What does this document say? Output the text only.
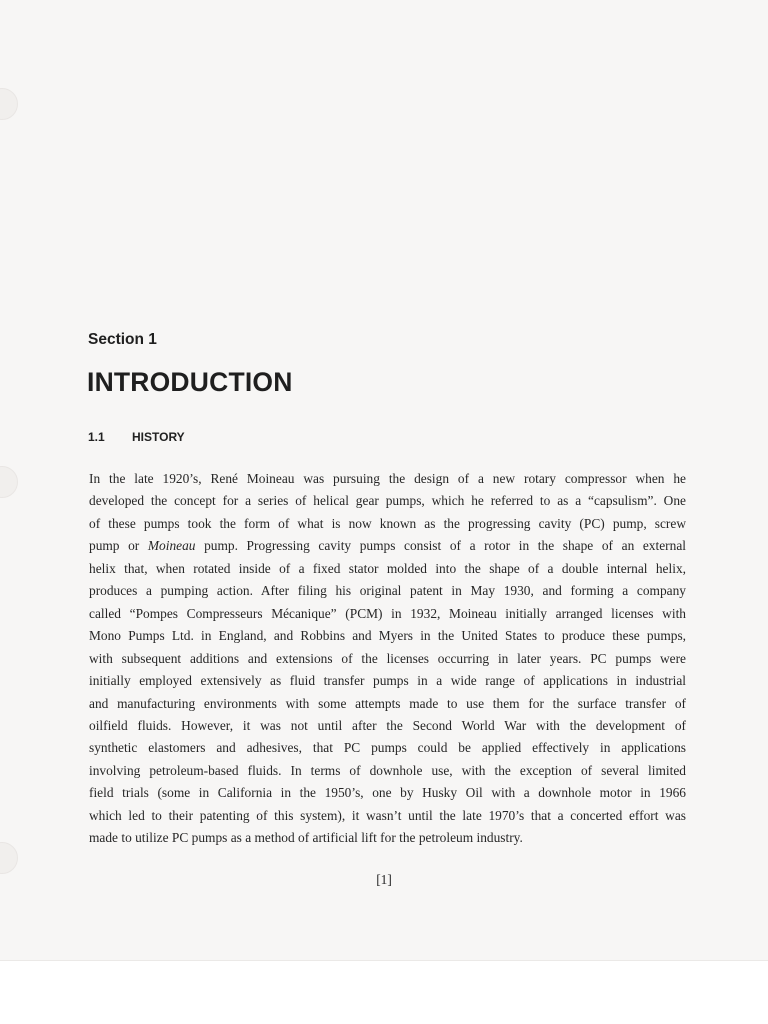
Section 1
INTRODUCTION
1.1 HISTORY

In the late 1920’s, René Moineau was pursuing the design of a new rotary compressor when he
developed the concept for a series of helical gear pumps, which he referred to as a “capsulism”. One
of these pumps took the form of what is now known as the progressing cavity (PC) pump, screw
pump or Moineau pump. Progressing cavity pumps consist of a rotor in the shape of an external
helix that, when rotated inside of a fixed stator molded into the shape of a double internal helix,
produces a pumping action. After filing his original patent in May 1930, and forming a company
called “Pompes Compresseurs Mécanique” (PCM) in 1932, Moineau initially arranged licenses with
Mono Pumps Ltd. in England, and Robbins and Myers in the United States to produce these pumps,
with subsequent additions and extensions of the licenses occurring in later years. PC pumps were
initially employed extensively as fluid transfer pumps in a wide range of applications in industrial
and manufacturing environments with some attempts made to use them for the surface transfer of
oilfield fluids. However, it was not until after the Second World War with the development of
synthetic elastomers and adhesives, that PC pumps could be applied effectively in applications
involving petroleum-based fluids. In terms of downhole use, with the exception of several limited
field trials (some in California in the 1950’s, one by Husky Oil with a downhole motor in 1966
which led to their patenting of this system), it wasn’t until the late 1970’s that a concerted effort was
made to utilize PC pumps as a method of artificial lift for the petroleum industry.

[1]
